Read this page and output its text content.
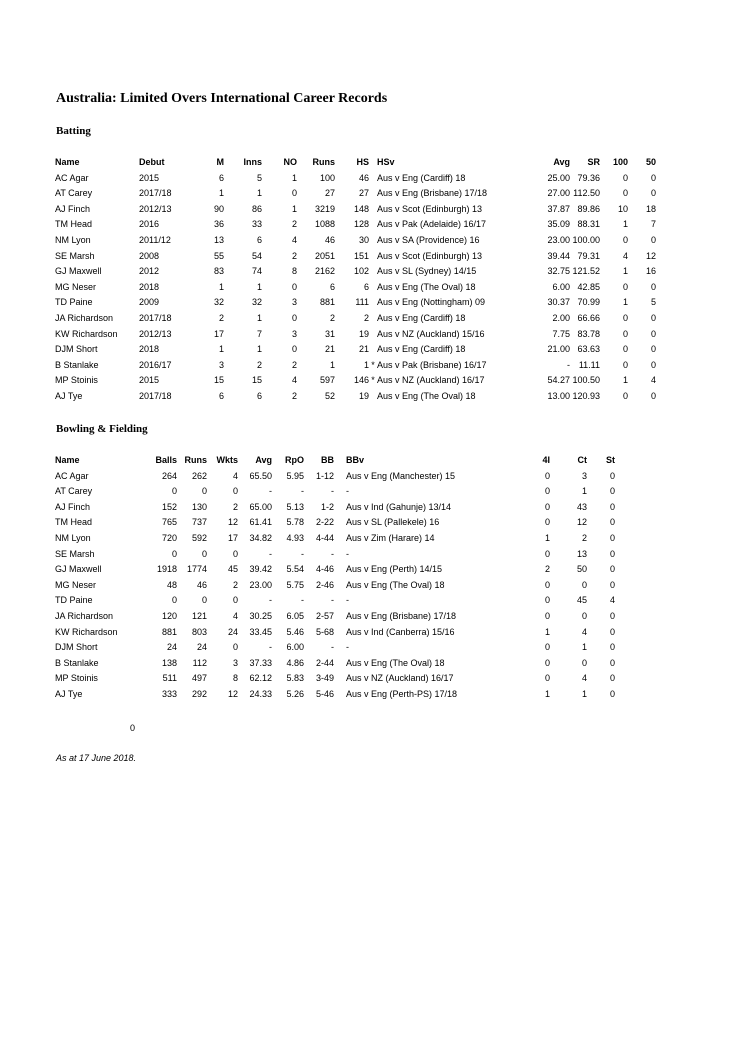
Australia: Limited Overs International Career Records
Batting
Name	Debut	M	Inns	NO	Runs	HS		HSv	Avg	SR	100	50
AC Agar	2015	6	5	1	100	46		Aus v Eng (Cardiff) 18	25.00	79.36	0	0
AT Carey	2017/18	1	1	0	27	27		Aus v Eng (Brisbane) 17/18	27.00	112.50	0	0
AJ Finch	2012/13	90	86	1	3219	148		Aus v Scot (Edinburgh) 13	37.87	89.86	10	18
TM Head	2016	36	33	2	1088	128		Aus v Pak (Adelaide) 16/17	35.09	88.31	1	7
NM Lyon	2011/12	13	6	4	46	30		Aus v SA (Providence) 16	23.00	100.00	0	0
SE Marsh	2008	55	54	2	2051	151		Aus v Scot (Edinburgh) 13	39.44	79.31	4	12
GJ Maxwell	2012	83	74	8	2162	102		Aus v SL (Sydney) 14/15	32.75	121.52	1	16
MG Neser	2018	1	1	0	6	6		Aus v Eng (The Oval) 18	6.00	42.85	0	0
TD Paine	2009	32	32	3	881	111		Aus v Eng (Nottingham) 09	30.37	70.99	1	5
JA Richardson	2017/18	2	1	0	2	2		Aus v Eng (Cardiff) 18	2.00	66.66	0	0
KW Richardson	2012/13	17	7	3	31	19		Aus v NZ (Auckland) 15/16	7.75	83.78	0	0
DJM Short	2018	1	1	0	21	21		Aus v Eng (Cardiff) 18	21.00	63.63	0	0
B Stanlake	2016/17	3	2	2	1	1	*	Aus v Pak (Brisbane) 16/17	-	11.11	0	0
MP Stoinis	2015	15	15	4	597	146	*	Aus v NZ (Auckland) 16/17	54.27	100.50	1	4
AJ Tye	2017/18	6	6	2	52	19		Aus v Eng (The Oval) 18	13.00	120.93	0	0
Bowling & Fielding
Name	Balls	Runs	Wkts	Avg	RpO	BB		BBv	4I	Ct	St
AC Agar	264	262	4	65.50	5.95	1-12		Aus v Eng (Manchester) 15	0	3	0
AT Carey	0	0	0	-	-	-		-	0	1	0
AJ Finch	152	130	2	65.00	5.13	1-2		Aus v Ind (Gahunje) 13/14	0	43	0
TM Head	765	737	12	61.41	5.78	2-22		Aus v SL (Pallekele) 16	0	12	0
NM Lyon	720	592	17	34.82	4.93	4-44		Aus v Zim (Harare) 14	1	2	0
SE Marsh	0	0	0	-	-	-		-	0	13	0
GJ Maxwell	1918	1774	45	39.42	5.54	4-46		Aus v Eng (Perth) 14/15	2	50	0
MG Neser	48	46	2	23.00	5.75	2-46		Aus v Eng (The Oval) 18	0	0	0
TD Paine	0	0	0	-	-	-		-	0	45	4
JA Richardson	120	121	4	30.25	6.05	2-57		Aus v Eng (Brisbane) 17/18	0	0	0
KW Richardson	881	803	24	33.45	5.46	5-68		Aus v Ind (Canberra) 15/16	1	4	0
DJM Short	24	24	0	-	6.00	-		-	0	1	0
B Stanlake	138	112	3	37.33	4.86	2-44		Aus v Eng (The Oval) 18	0	0	0
MP Stoinis	511	497	8	62.12	5.83	3-49		Aus v NZ (Auckland) 16/17	0	4	0
AJ Tye	333	292	12	24.33	5.26	5-46		Aus v Eng (Perth-PS) 17/18	1	1	0
0
As at 17 June 2018.
